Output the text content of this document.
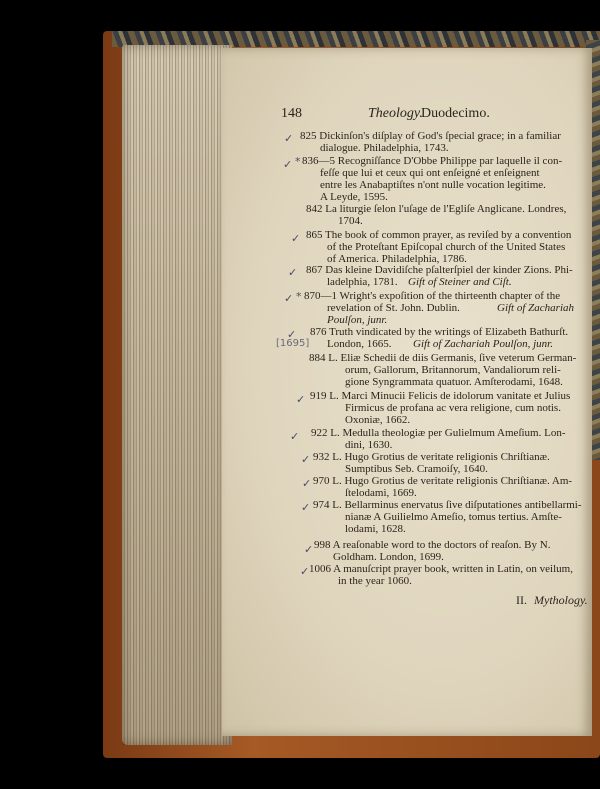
148	Theology.
Duodecimo.
✓ 825 Dickinſon's diſplay of God's ſpecial grace; in a familiar
dialogue. Philadelphia, 1743.
✓ * 836—5 Recogniſſance D'Obbe Philippe par laquelle il con-
feſſe que lui et ceux qui ont enſeigné et enſeignent
entre les Anabaptiſtes n'ont nulle vocation legitime.
A Leyde, 1595.
842 La liturgie ſelon l'uſage de l'Egliſe Anglicane. Londres,
1704.
✓ 865 The book of common prayer, as reviſed by a convention
of the Proteſtant Epiſcopal church of the United States
of America. Philadelphia, 1786.
✓ 867 Das kleine Davidiſche pſalterſpiel der kinder Zions. Phi-
ladelphia, 1781. Gift of Steiner and Ciſt.
✓ * 870—1 Wright's expoſition of the thirteenth chapter of the
revelation of St. John. Dublin.	Gift of Zachariah
Poulſon, junr.
✓
[1695]
876 Truth vindicated by the writings of Elizabeth Bathurſt.
London, 1665. Gift of Zachariah Poulſon, junr.
884 L. Eliæ Schedii de diis Germanis, ſive veterum German-
orum, Gallorum, Britannorum, Vandaliorum reli-
gione Syngrammata quatuor. Amſterodami, 1648.
✓ 919 L. Marci Minucii Felicis de idolorum vanitate et Julius
Firmicus de profana ac vera religione, cum notis.
Oxoniæ, 1662.
✓ 922 L. Medulla theologiæ per Gulielmum Ameſium. Lon-
dini, 1630.
✓ 932 L. Hugo Grotius de veritate religionis Chriſtianæ.
Sumptibus Seb. Cramoiſy, 1640.
✓ 970 L. Hugo Grotius de veritate religionis Chriſtianæ. Am-
ſtelodami, 1669.
✓ 974 L. Bellarminus enervatus ſive diſputationes antibellarmi-
nianæ A Guilielmo Ameſio, tomus tertius. Amſte-
lodami, 1628.
✓ 998 A reaſonable word to the doctors of reaſon. By N.
Goldham. London, 1699.
✓ 1006 A manuſcript prayer book, written in Latin, on veilum,
in the year 1060.
II. Mythology.
